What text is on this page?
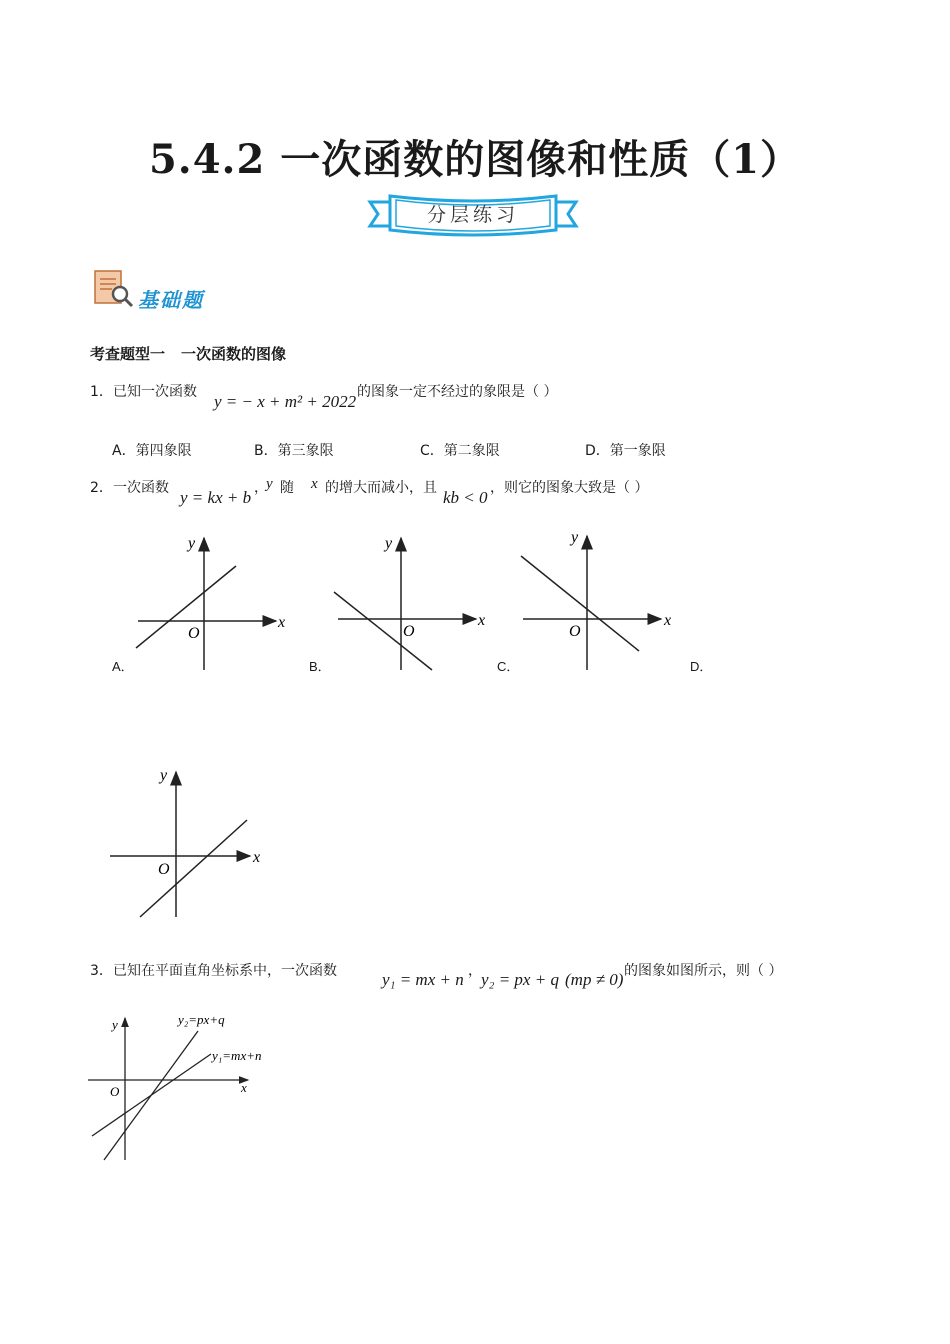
5.4.2 一次函数的图像和性质（1）
分层练习
基础题
考查题型一 一次函数的图像
1． 已知一次函数 y = − x + m² + 2022 的图象一定不经过的象限是（ ）
A．第四象限	B．第三象限	C．第二象限	D．第一象限
2． 一次函数 y = kx + b ，
y 随 x 的增大而减小，且 kb < 0 ，则它的图象大致是（ ）
x
y
O
A．
x
y
O
B．
x
y
O
C．	D．
x
y
O
3． 已知在平面直角坐标系中，一次函数	y₁ = mx + n ， y₂ = px + q (mp ≠ 0) 的图象如图所示，则（ ）
x
y
O
y₂=px+q
y₁=mx+n
